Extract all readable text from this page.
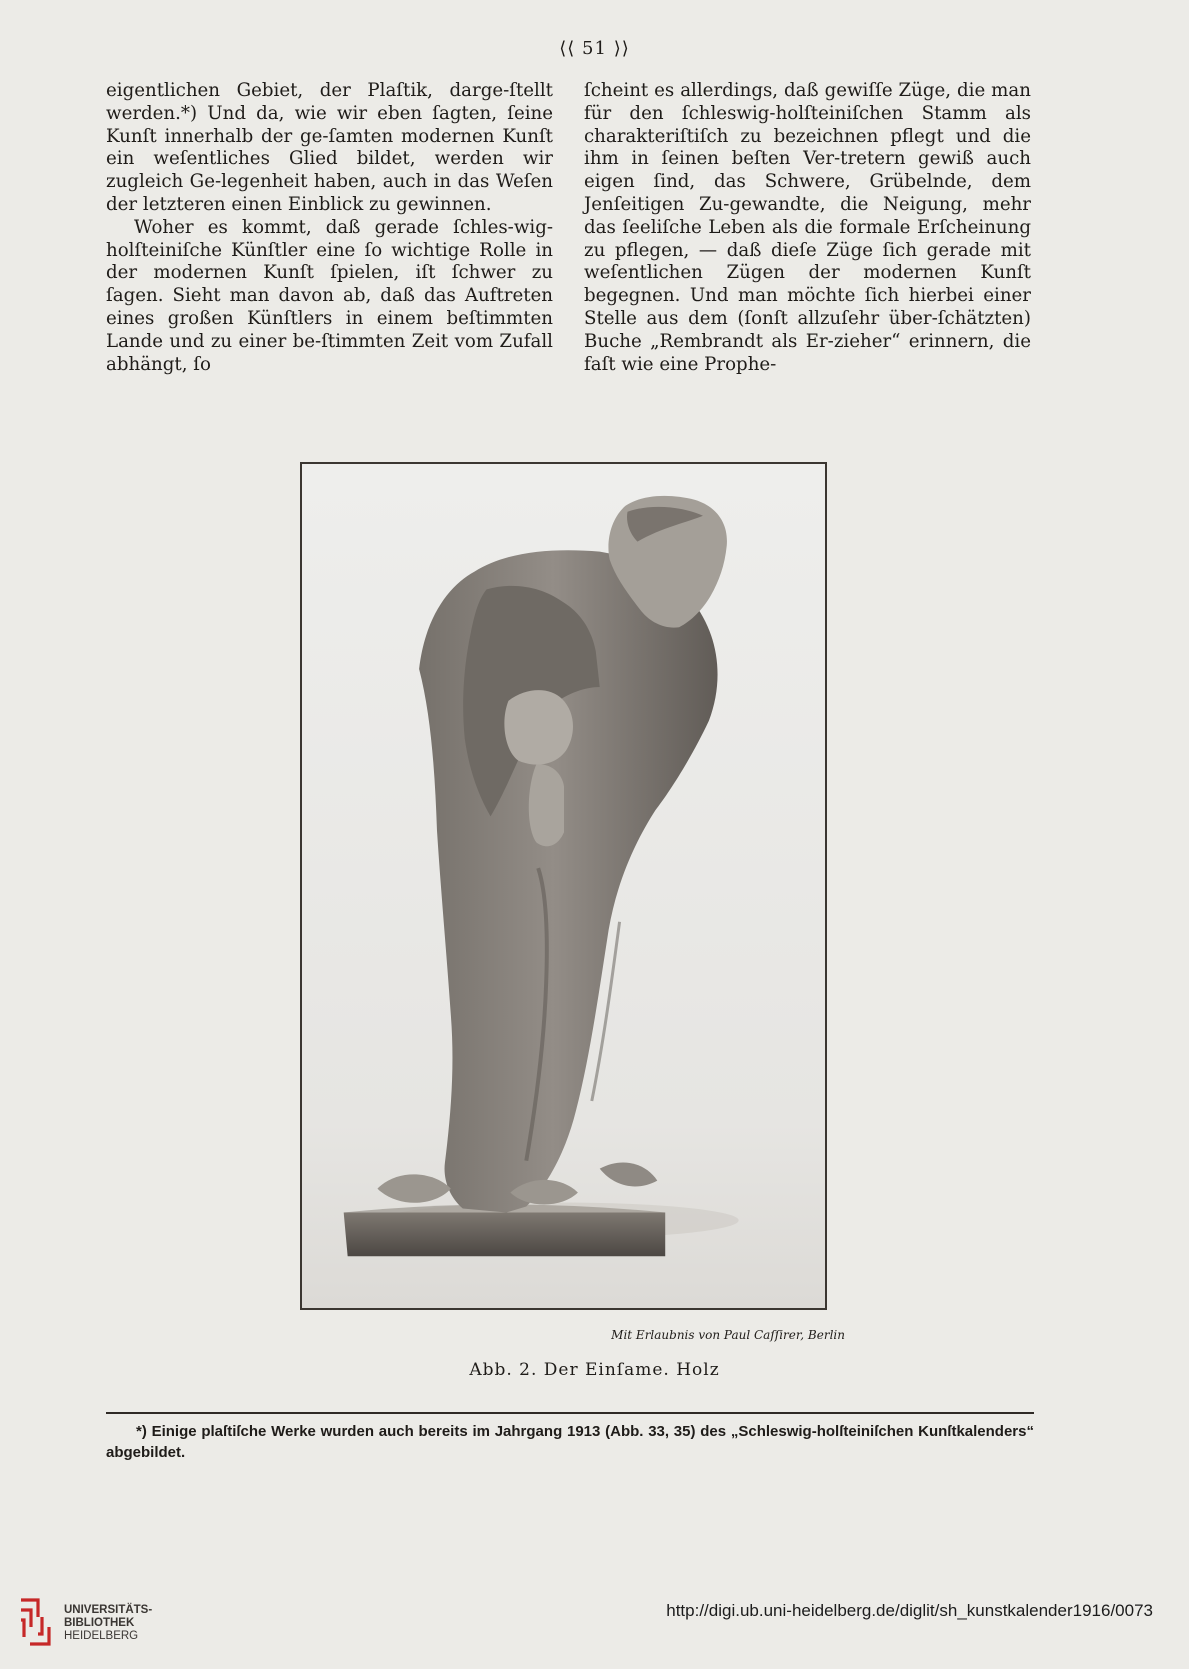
⟨⟨ 51 ⟩⟩

eigentlichen Gebiet, der Plaſtik, darge-ſtellt werden.*) Und da, wie wir eben ſagten, ſeine Kunſt innerhalb der ge-ſamten modernen Kunſt ein weſentliches Glied bildet, werden wir zugleich Ge-legenheit haben, auch in das Weſen der letzteren einen Einblick zu gewinnen.

Woher es kommt, daß gerade ſchles-wig-holſteiniſche Künſtler eine ſo wichtige Rolle in der modernen Kunſt ſpielen, iſt ſchwer zu ſagen. Sieht man davon ab, daß das Auftreten eines großen Künſtlers in einem beſtimmten Lande und zu einer be-ſtimmten Zeit vom Zufall abhängt, ſo

ſcheint es allerdings, daß gewiſſe Züge, die man für den ſchleswig-holſteiniſchen Stamm als charakteriſtiſch zu bezeichnen pflegt und die ihm in ſeinen beſten Ver-tretern gewiß auch eigen ſind, das Schwere, Grübelnde, dem Jenſeitigen Zu-gewandte, die Neigung, mehr das ſeeliſche Leben als die formale Erſcheinung zu pflegen, — daß dieſe Züge ſich gerade mit weſentlichen Zügen der modernen Kunſt begegnen. Und man möchte ſich hierbei einer Stelle aus dem (ſonſt allzuſehr über-ſchätzten) Buche „Rembrandt als Er-zieher“ erinnern, die faſt wie eine Prophe-

Mit Erlaubnis von Paul Caſſirer, Berlin
Abb. 2. Der Einſame. Holz
*) Einige plaſtiſche Werke wurden auch bereits im Jahrgang 1913 (Abb. 33, 35) des „Schleswig-holſteiniſchen Kunſtkalenders“ abgebildet.
UNIVERSITÄTS-
BIBLIOTHEK
HEIDELBERG
http://digi.ub.uni-heidelberg.de/diglit/sh_kunstkalender1916/0073
